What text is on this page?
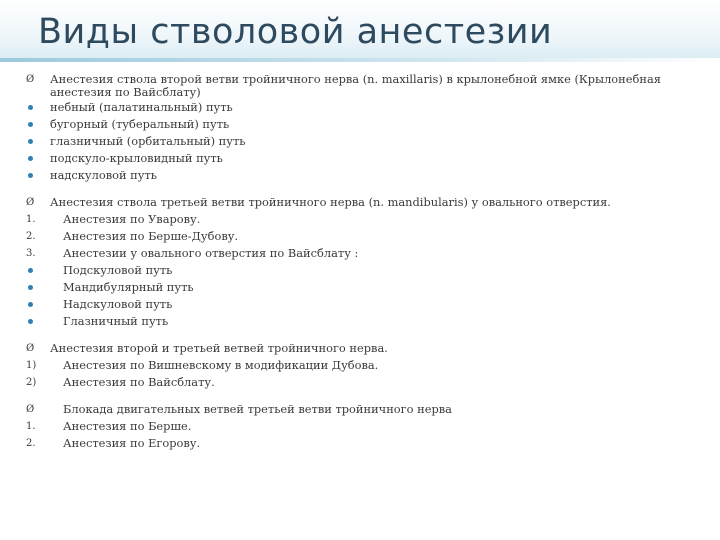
Виды стволовой анестезии
Ø	Анестезия ствола второй ветви тройничного нерва (n. maxillaris) в крылонебной ямке (Крылонебная анестезия по Вайсблату)
небный (палатинальный) путь
бугорный (туберальный) путь
глазничный (орбитальный) путь
подскуло-крыловидный путь
надскуловой путь
Ø	Анестезия ствола третьей ветви тройничного нерва (n. mandibularis) у овального отверстия.
1.	Анестезия по Уварову.
2.	Анестезия по Берше-Дубову.
3.	Анестезии у овального отверстия по Вайсблату :
Подскуловой путь
Мандибулярный путь
Надскуловой путь
Глазничный путь
Ø	Анестезия второй и третьей ветвей тройничного нерва.
1)	Анестезия по Вишневскому в модификации Дубова.
2)	Анестезия по Вайсблату.
Ø	Блокада двигательных ветвей третьей ветви тройничного нерва
1.	Анестезия по Берше.
2.	Анестезия по Егорову.
